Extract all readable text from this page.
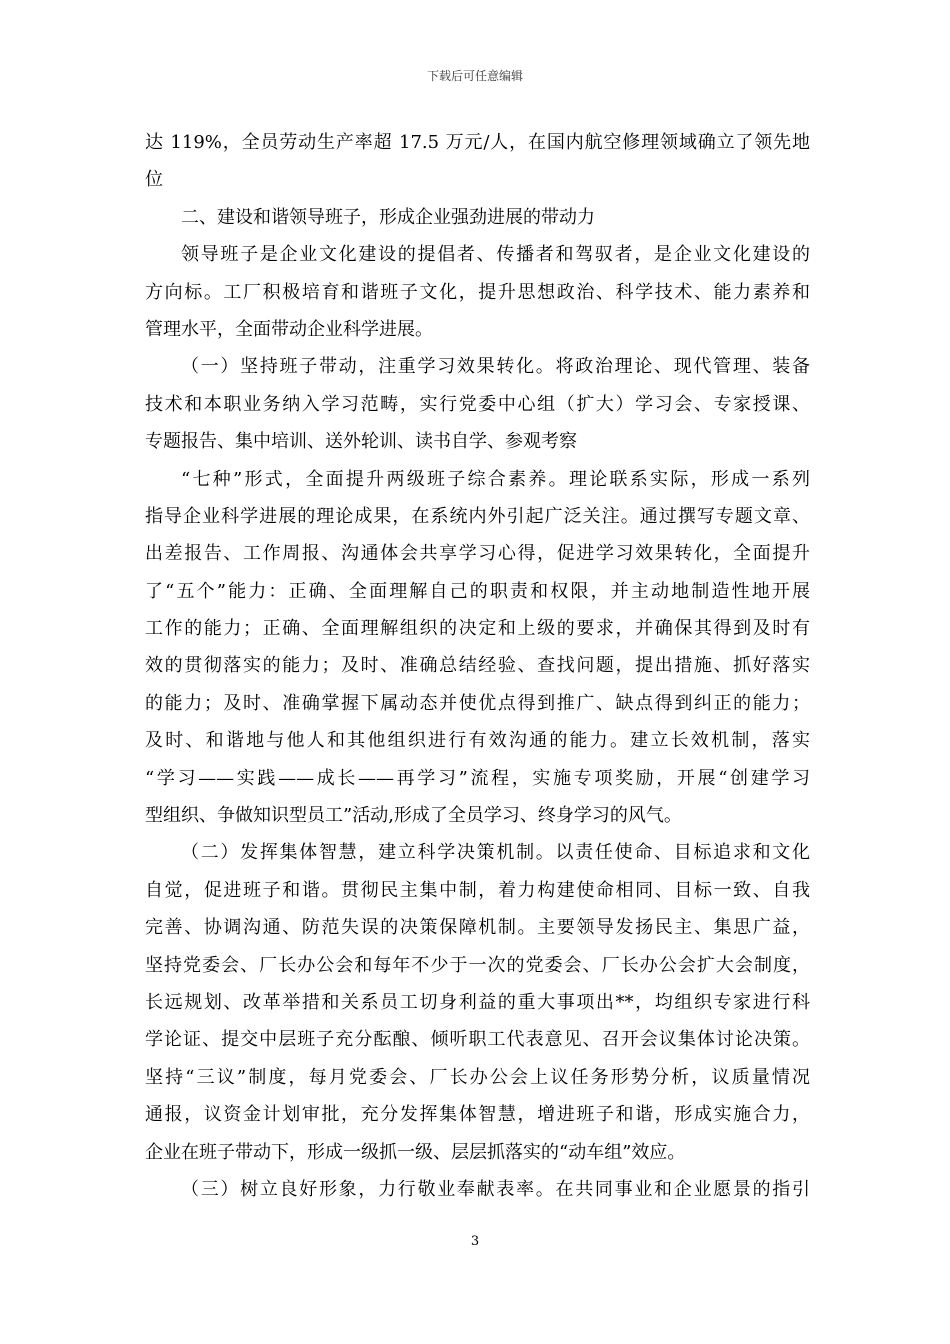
下载后可任意编辑
达 119%，全员劳动生产率超 17.5 万元/人，在国内航空修理领域确立了领先地
位
二、建设和谐领导班子，形成企业强劲进展的带动力
领导班子是企业文化建设的提倡者、传播者和驾驭者，是企业文化建设的
方向标。工厂积极培育和谐班子文化，提升思想政治、科学技术、能力素养和
管理水平，全面带动企业科学进展。
（一）坚持班子带动，注重学习效果转化。将政治理论、现代管理、装备
技术和本职业务纳入学习范畴，实行党委中心组（扩大）学习会、专家授课、
专题报告、集中培训、送外轮训、读书自学、参观考察
“七种”形式，全面提升两级班子综合素养。理论联系实际，形成一系列
指导企业科学进展的理论成果，在系统内外引起广泛关注。通过撰写专题文章、
出差报告、工作周报、沟通体会共享学习心得，促进学习效果转化，全面提升
了“五个”能力：正确、全面理解自己的职责和权限，并主动地制造性地开展
工作的能力；正确、全面理解组织的决定和上级的要求，并确保其得到及时有
效的贯彻落实的能力；及时、准确总结经验、查找问题，提出措施、抓好落实
的能力；及时、准确掌握下属动态并使优点得到推广、缺点得到纠正的能力；
及时、和谐地与他人和其他组织进行有效沟通的能力。建立长效机制，落实
“学习——实践——成长——再学习”流程，实施专项奖励，开展“创建学习
型组织、争做知识型员工”活动,形成了全员学习、终身学习的风气。
（二）发挥集体智慧，建立科学决策机制。以责任使命、目标追求和文化
自觉，促进班子和谐。贯彻民主集中制，着力构建使命相同、目标一致、自我
完善、协调沟通、防范失误的决策保障机制。主要领导发扬民主、集思广益，
坚持党委会、厂长办公会和每年不少于一次的党委会、厂长办公会扩大会制度，
长远规划、改革举措和关系员工切身利益的重大事项出**，均组织专家进行科
学论证、提交中层班子充分酝酿、倾听职工代表意见、召开会议集体讨论决策。
坚持“三议”制度，每月党委会、厂长办公会上议任务形势分析，议质量情况
通报，议资金计划审批，充分发挥集体智慧，增进班子和谐，形成实施合力，
企业在班子带动下，形成一级抓一级、层层抓落实的“动车组”效应。
（三）树立良好形象，力行敬业奉献表率。在共同事业和企业愿景的指引
3
